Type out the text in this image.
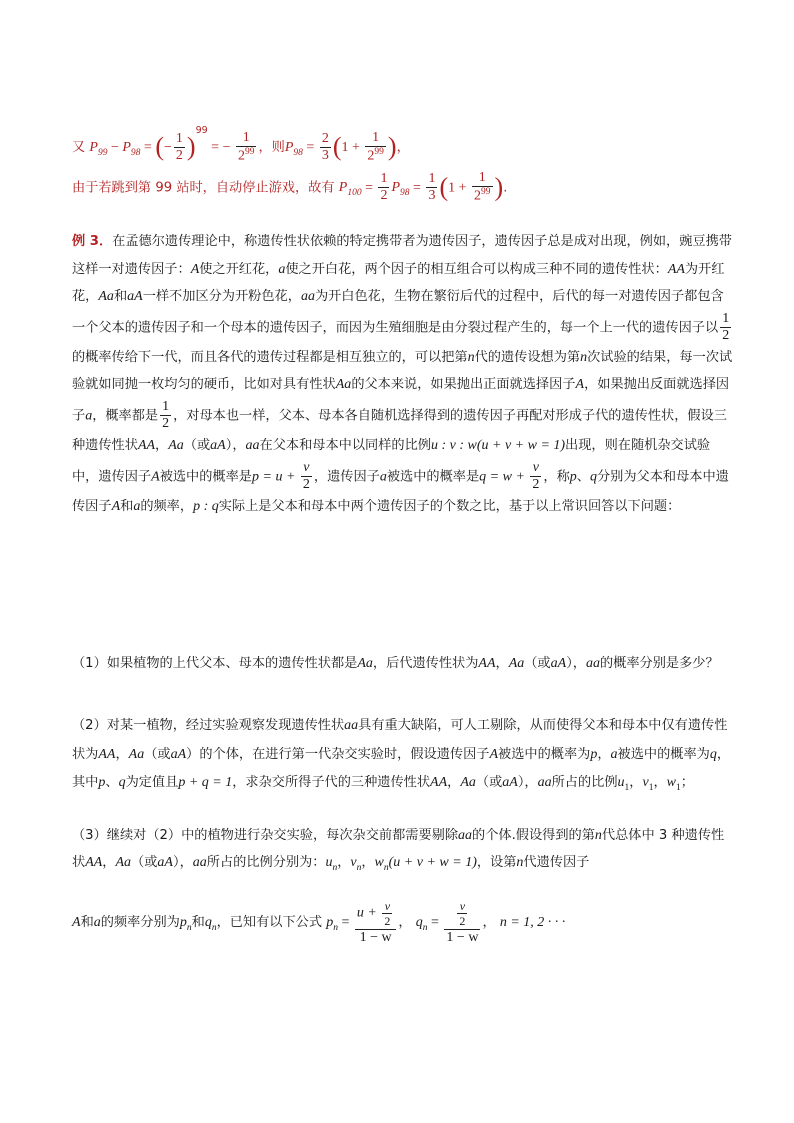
又 $P_{99} - P_{98}$ = (− $\frac{1}{2} )^{99}$ = − $\frac{1}{2^{99}}$ ，则$P_{98} = \frac{2}{3} (1 + \frac{1}{2^{99}}$ )，
由于若跳到第 99 站时，自动停止游戏，故有 $P_{100} = \frac{1}{2} P_{98} = \frac{1}{3} (1 + \frac{1}{2^{99}}$ ).
例 3．在孟德尔遗传理论中，称遗传性状依赖的特定携带者为遗传因子，遗传因子总是成对出现，例如，豌豆携带这样一对遗传因子：A使之开红花，a使之开白花，两个因子的相互组合可以构成三种不同的遗传性状：AA为开红花，Aa和aA一样不加区分为开粉色花，aa为开白色花，生物在繁衍后代的过程中，后代的每一对遗传因子都包含一个父本的遗传因子和一个母本的遗传因子，而因为生殖细胞是由分裂过程产生的，每一个上一代的遗传因子以 $\frac{1}{2}$
的概率传给下一代，而且各代的遗传过程都是相互独立的，可以把第n代的遗传设想为第n次试验的结果，每一次试验就如同抛一枚均匀的硬币，比如对具有性状Aa的父本来说，如果抛出正面就选择因子A，如果抛出反面就选择因子a，概率都是 $\frac{1}{2}$ ，对母本也一样，父本、母本各自随机选择得到的遗传因子再配对形成子代的遗传性状，假设三种遗传性状AA，Aa（或aA），aa在父本和母本中以同样的比例u : v : w(u + v + w = 1)出现，则在随机杂交试验中，遗传因子A被选中的概率是$p = u + \frac{v}{2}$ ，遗传因子a被选中的概率是$q = w + \frac{v}{2}$ ，称p、q分别为父本和母本中遗传因子A和a的频率，p : q实际上是父本和母本中两个遗传因子的个数之比，基于以上常识回答以下问题：
（1）如果植物的上代父本、母本的遗传性状都是Aa，后代遗传性状为AA，Aa（或aA），aa的概率分别是多少？
（2）对某一植物，经过实验观察发现遗传性状aa具有重大缺陷，可人工剔除，从而使得父本和母本中仅有遗传性状为AA，Aa（或aA）的个体，在进行第一代杂交实验时，假设遗传因子A被选中的概率为p，a被选中的概率为q，其中p、q为定值且p + q = 1，求杂交所得子代的三种遗传性状AA，Aa（或aA），aa所占的比例$u_1$，$v_1$，$w_1$；
（3）继续对（2）中的植物进行杂交实验，每次杂交前都需要剔除aa的个体.假设得到的第n代总体中 3 种遗传性状AA，Aa（或aA），aa所占的比例分别为：$u_n$，$v_n$，$w_n(u + v + w = 1)$，设第n代遗传因子
A和a的频率分别为$p_n$和$q_n$，已知有以下公式 $p_n = \frac{u + \frac{v}{2}}{1 - w}$ ， $q_n = \frac{\frac{v}{2}}{1 - w}$ ， n = 1, 2 · · ·
